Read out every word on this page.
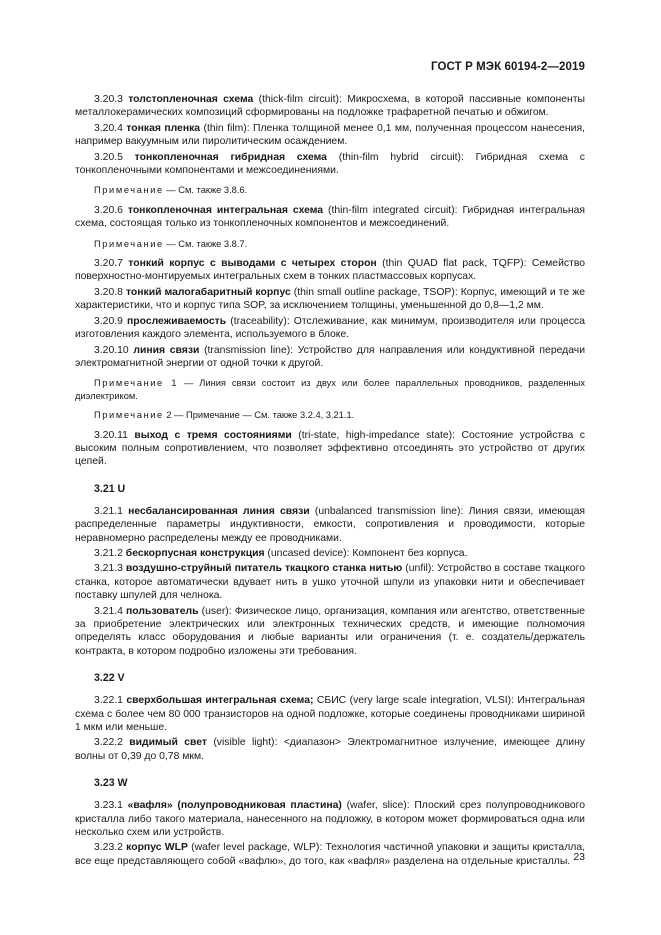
ГОСТ Р МЭК 60194-2—2019

3.20.3 толстопленочная схема (thick-film circuit): Микросхема, в которой пассивные компоненты металлокерамических композиций сформированы на подложке трафаретной печатью и обжигом.

3.20.4 тонкая пленка (thin film): Пленка толщиной менее 0,1 мм, полученная процессом нанесения, например вакуумным или пиролитическим осаждением.

3.20.5 тонкопленочная гибридная схема (thin-film hybrid circuit): Гибридная схема с тонкопленочными компонентами и межсоединениями.

Примечание — См. также 3.8.6.

3.20.6 тонкопленочная интегральная схема (thin-film integrated circuit): Гибридная интегральная схема, состоящая только из тонкопленочных компонентов и межсоединений.

Примечание — См. также 3.8.7.

3.20.7 тонкий корпус с выводами с четырех сторон (thin QUAD flat pack, TQFP): Семейство поверхностно-монтируемых интегральных схем в тонких пластмассовых корпусах.

3.20.8 тонкий малогабаритный корпус (thin small outline package, TSOP): Корпус, имеющий и те же характеристики, что и корпус типа SOP, за исключением толщины, уменьшенной до 0,8—1,2 мм.

3.20.9 прослеживаемость (traceability): Отслеживание, как минимум, производителя или процесса изготовления каждого элемента, используемого в блоке.

3.20.10 линия связи (transmission line): Устройство для направления или кондуктивной передачи электромагнитной энергии от одной точки к другой.

Примечание 1 — Линия связи состоит из двух или более параллельных проводников, разделенных диэлектриком.

Примечание 2 — Примечание — См. также 3.2.4, 3.21.1.

3.20.11 выход с тремя состояниями (tri-state, high-impedance state): Состояние устройства с высоким полным сопротивлением, что позволяет эффективно отсоединять это устройство от других цепей.

3.21 U

3.21.1 несбалансированная линия связи (unbalanced transmission line): Линия связи, имеющая распределенные параметры индуктивности, емкости, сопротивления и проводимости, которые неравномерно распределены между ее проводниками.

3.21.2 бескорпусная конструкция (uncased device): Компонент без корпуса.

3.21.3 воздушно-струйный питатель ткацкого станка нитью (unfil): Устройство в составе ткацкого станка, которое автоматически вдувает нить в ушко уточной шпули из упаковки нити и обеспечивает поставку шпулей для челнока.

3.21.4 пользователь (user): Физическое лицо, организация, компания или агентство, ответственные за приобретение электрических или электронных технических средств, и имеющие полномочия определять класс оборудования и любые варианты или ограничения (т. е. создатель/держатель контракта, в котором подробно изложены эти требования.

3.22 V

3.22.1 сверхбольшая интегральная схема; СБИС (very large scale integration, VLSI): Интегральная схема с более чем 80 000 транзисторов на одной подложке, которые соединены проводниками шириной 1 мкм или меньше.

3.22.2 видимый свет (visible light): <диапазон> Электромагнитное излучение, имеющее длину волны от 0,39 до 0,78 мкм.

3.23 W

3.23.1 «вафля» (полупроводниковая пластина) (wafer, slice): Плоский срез полупроводникового кристалла либо такого материала, нанесенного на подложку, в котором может формироваться одна или несколько схем или устройств.

3.23.2 корпус WLP (wafer level package, WLP): Технология частичной упаковки и защиты кристалла, все еще представляющего собой «вафлю», до того, как «вафля» разделена на отдельные кристаллы. 23
